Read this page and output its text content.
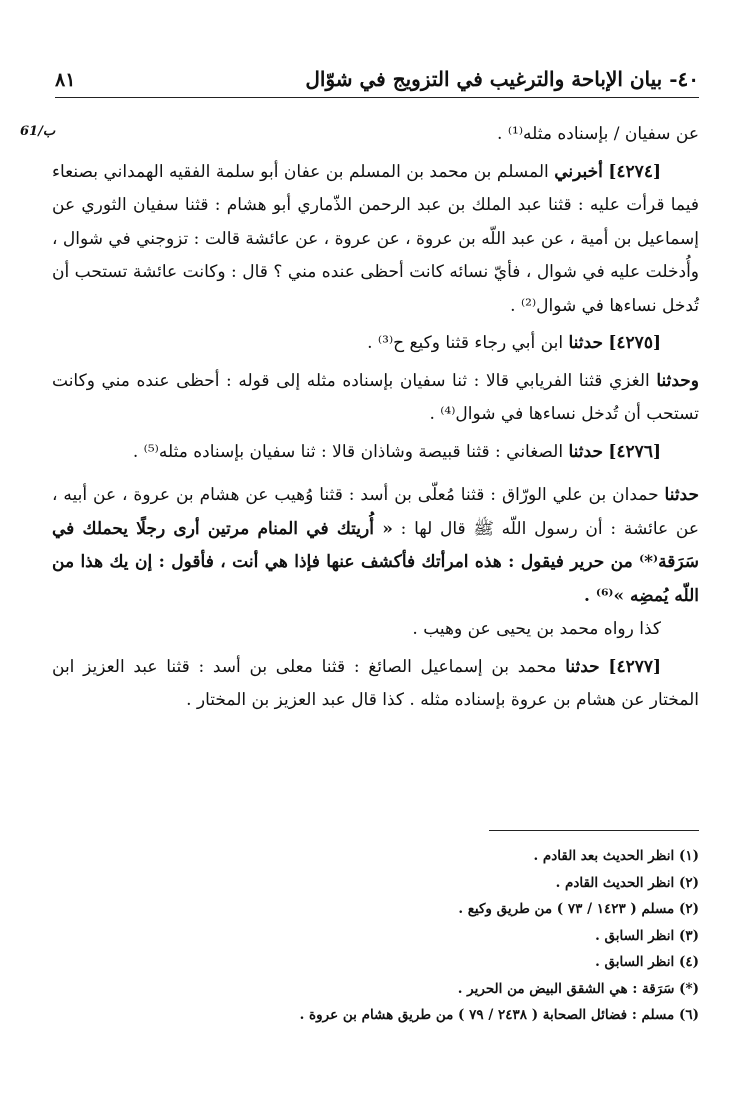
٤٠- بيان الإباحة والترغيب في التزويج في شوّال
٨١
61/ب	عن سفيان / بإسناده مثله⁽¹⁾ .

[٤٢٧٤] أخبرني المسلم بن محمد بن المسلم بن عفان أبو سلمة الفقيه الهمداني بصنعاء فيما قرأت عليه : قثنا عبد الملك بن عبد الرحمن الذّماري أبو هشام : قثنا سفيان الثوري عن إسماعيل بن أمية ، عن عبد اللّه بن عروة ، عن عروة ، عن عائشة قالت : تزوجني في شوال ، وأُدخلت عليه في شوال ، فأيّ نسائه كانت أحظى عنده مني ؟ قال : وكانت عائشة تستحب أن تُدخل نساءها في شوال⁽²⁾ .

[٤٢٧٥] حدثنا ابن أبي رجاء قثنا وكيع ح⁽³⁾ .

وحدثنا الغزي قثنا الفريابي قالا : ثنا سفيان بإسناده مثله إلى قوله : أحظى عنده مني وكانت تستحب أن تُدخل نساءها في شوال⁽⁴⁾ .

[٤٢٧٦] حدثنا الصغاني : قثنا قبيصة وشاذان قالا : ثنا سفيان بإسناده مثله⁽⁵⁾ .

حدثنا حمدان بن علي الورّاق : قثنا مُعلّى بن أسد : قثنا وُهيب عن هشام بن عروة ، عن أبيه ، عن عائشة : أن رسول اللّه ﷺ قال لها : « أُريتك في المنام مرتين أرى رجلًا يحملك في سَرَقة⁽*⁾ من حرير فيقول : هذه امرأتك فأكشف عنها فإذا هي أنت ، فأقول : إن يك هذا من اللّه يُمضِه »⁽⁶⁾ .

كذا رواه محمد بن يحيى عن وهيب .

[٤٢٧٧] حدثنا محمد بن إسماعيل الصائغ : قثنا معلى بن أسد : قثنا عبد العزيز ابن المختار عن هشام بن عروة بإسناده مثله . كذا قال عبد العزيز بن المختار .

(١) انظر الحديث بعد القادم .

(٢) انظر الحديث القادم .

(٢) مسلم ( ١٤٢٣ / ٧٣ ) من طريق وكيع .

(٣) انظر السابق .

(٤) انظر السابق .

(*) سَرَقة : هي الشقق البيض من الحرير .

(٦) مسلم : فضائل الصحابة ( ٢٤٣٨ / ٧٩ ) من طريق هشام بن عروة .
